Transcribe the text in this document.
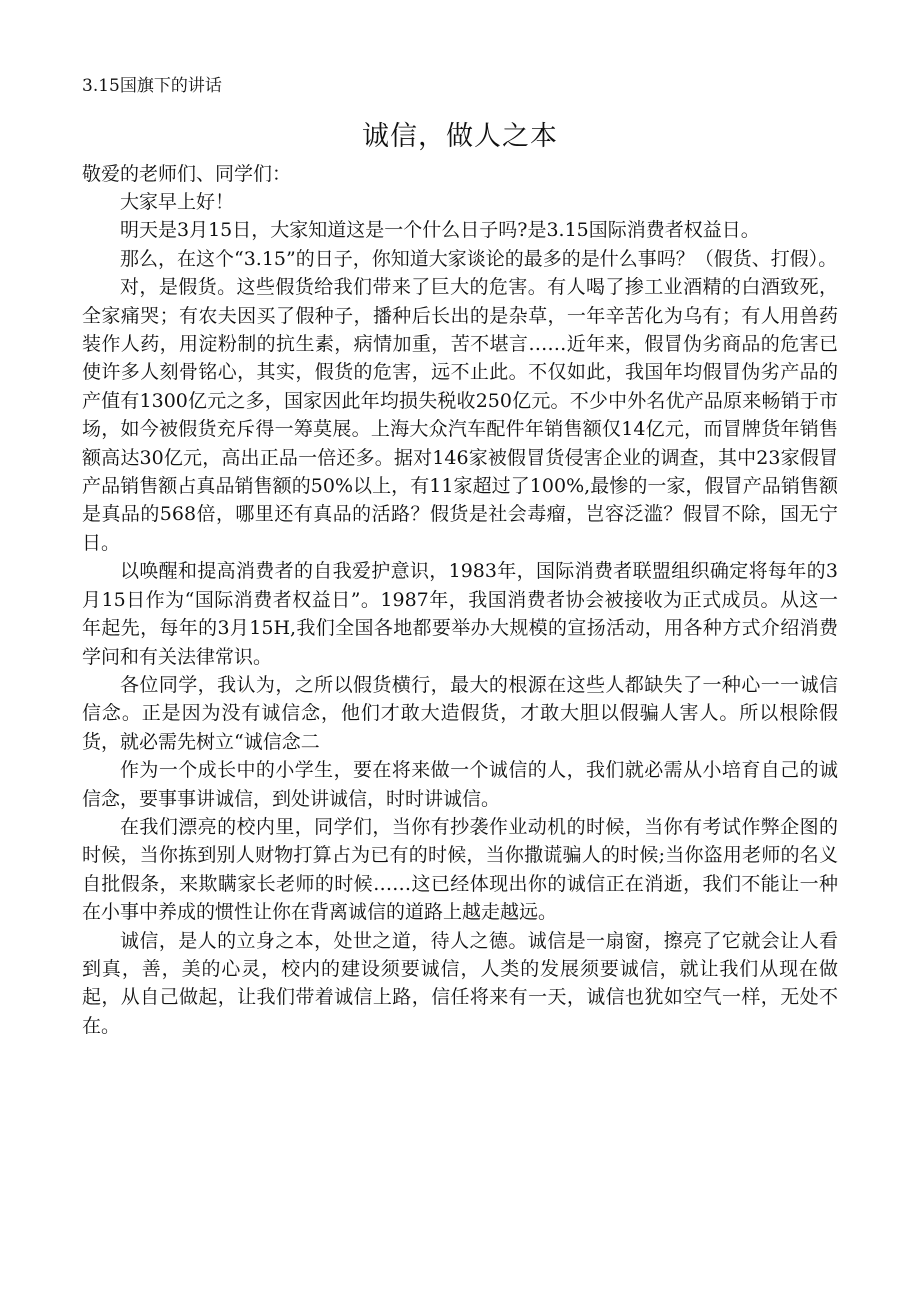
3.15国旗下的讲话
诚信，做人之本
敬爱的老师们、同学们：

大家早上好！

明天是3月15日，大家知道这是一个什么日子吗?是3.15国际消费者权益日。

那么，在这个“3.15”的日子，你知道大家谈论的最多的是什么事吗？（假货、打假）。

对，是假货。这些假货给我们带来了巨大的危害。有人喝了掺工业酒精的白酒致死，全家痛哭；有农夫因买了假种子，播种后长出的是杂草，一年辛苦化为乌有；有人用兽药装作人药，用淀粉制的抗生素，病情加重，苦不堪言……近年来，假冒伪劣商品的危害已使许多人刻骨铭心，其实，假货的危害，远不止此。不仅如此，我国年均假冒伪劣产品的产值有1300亿元之多，国家因此年均损失税收250亿元。不少中外名优产品原来畅销于市场，如今被假货充斥得一筹莫展。上海大众汽车配件年销售额仅14亿元，而冒牌货年销售额高达30亿元，高出正品一倍还多。据对146家被假冒货侵害企业的调查，其中23家假冒产品销售额占真品销售额的50%以上，有11家超过了100%,最惨的一家，假冒产品销售额是真品的568倍，哪里还有真品的活路？假货是社会毒瘤，岂容泛滥？假冒不除，国无宁日。

以唤醒和提高消费者的自我爱护意识，1983年，国际消费者联盟组织确定将每年的3月15日作为“国际消费者权益日”。1987年，我国消费者协会被接收为正式成员。从这一年起先，每年的3月15H,我们全国各地都要举办大规模的宣扬活动，用各种方式介绍消费学问和有关法律常识。

各位同学，我认为，之所以假货横行，最大的根源在这些人都缺失了一种心一一诚信信念。正是因为没有诚信念，他们才敢大造假货，才敢大胆以假骗人害人。所以根除假货，就必需先树立“诚信念二

作为一个成长中的小学生，要在将来做一个诚信的人，我们就必需从小培育自己的诚信念，要事事讲诚信，到处讲诚信，时时讲诚信。

在我们漂亮的校内里，同学们，当你有抄袭作业动机的时候，当你有考试作弊企图的时候，当你拣到别人财物打算占为已有的时候，当你撒谎骗人的时候;当你盗用老师的名义自批假条，来欺瞒家长老师的时候……这已经体现出你的诚信正在消逝，我们不能让一种在小事中养成的惯性让你在背离诚信的道路上越走越远。

诚信，是人的立身之本，处世之道，待人之德。诚信是一扇窗，擦亮了它就会让人看到真，善，美的心灵，校内的建设须要诚信，人类的发展须要诚信，就让我们从现在做起，从自己做起，让我们带着诚信上路，信任将来有一天，诚信也犹如空气一样，无处不在。
